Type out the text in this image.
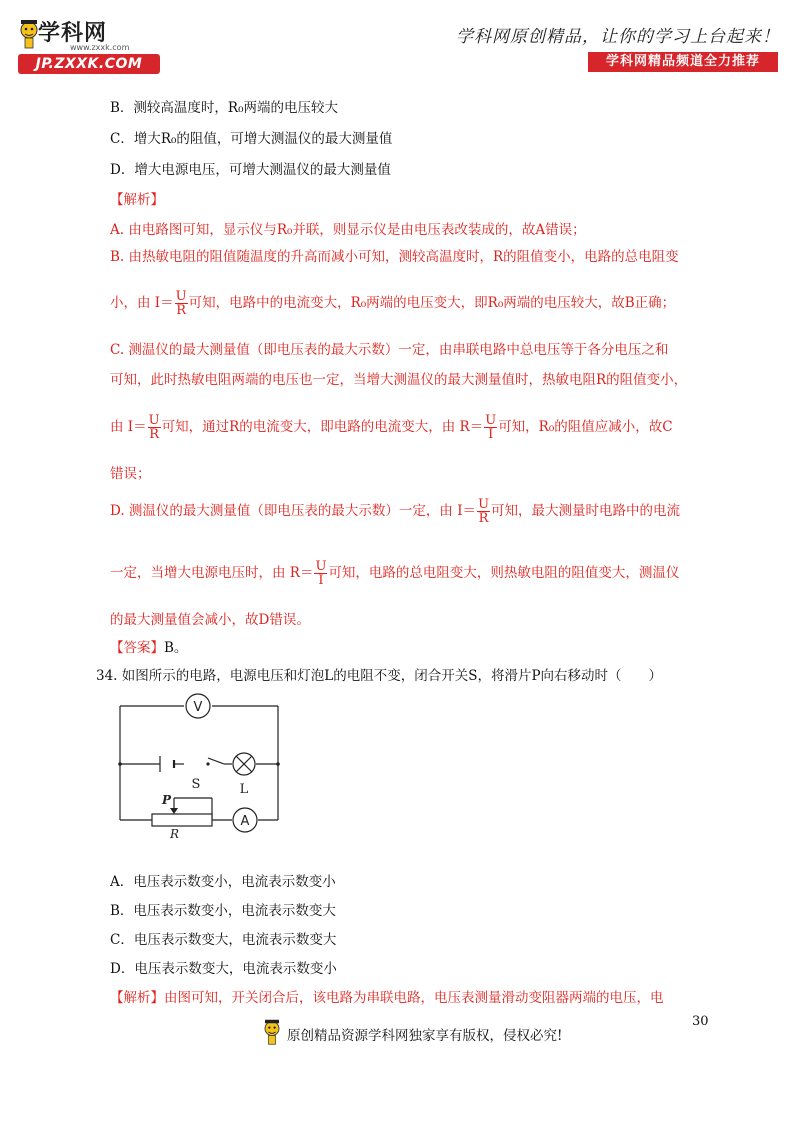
学科网
www.zxxk.com
JP.ZXXK.COM
学科网原创精品，让你的学习上台起来！
学科网精品频道全力推荐
B．测较高温度时，R₀两端的电压较大
C．增大R₀的阻值，可增大测温仪的最大测量值
D．增大电源电压，可增大测温仪的最大测量值
【解析】
A. 由电路图可知，显示仪与R₀并联，则显示仪是由电压表改装成的，故A错误；
B. 由热敏电阻的阻值随温度的升高而减小可知，测较高温度时，R的阻值变小，电路的总电阻变
小，由 $I= \frac{U}{R}$ 可知，电路中的电流变大，R₀两端的电压变大，即R₀两端的电压较大，故B正确；
C. 测温仪的最大测量值（即电压表的最大示数）一定，由串联电路中总电压等于各分电压之和
可知，此时热敏电阻两端的电压也一定，当增大测温仪的最大测量值时，热敏电阻R的阻值变小，
由 $I= \frac{U}{R}$ 可知，通过R的电流变大，即电路的电流变大，由 $R= \frac{U}{I}$ 可知，R₀的阻值应减小，故C
错误；
D. 测温仪的最大测量值（即电压表的最大示数）一定，由 $I= \frac{U}{R}$ 可知，最大测量时电路中的电流
一定，当增大电源电压时，由 $R= \frac{U}{I}$ 可知，电路的总电阻变大，则热敏电阻的阻值变大，测温仪
的最大测量值会减小，故D错误。
【答案】B。
34. 如图所示的电路，电源电压和灯泡L的电阻不变，闭合开关S，将滑片P向右移动时（　　）
V
S	L
P
R
A
A．电压表示数变小，电流表示数变小
B．电压表示数变小，电流表示数变大
C．电压表示数变大，电流表示数变大
D．电压表示数变大，电流表示数变小
【解析】由图可知，开关闭合后，该电路为串联电路，电压表测量滑动变阻器两端的电压，电
30
原创精品资源学科网独家享有版权，侵权必究!
